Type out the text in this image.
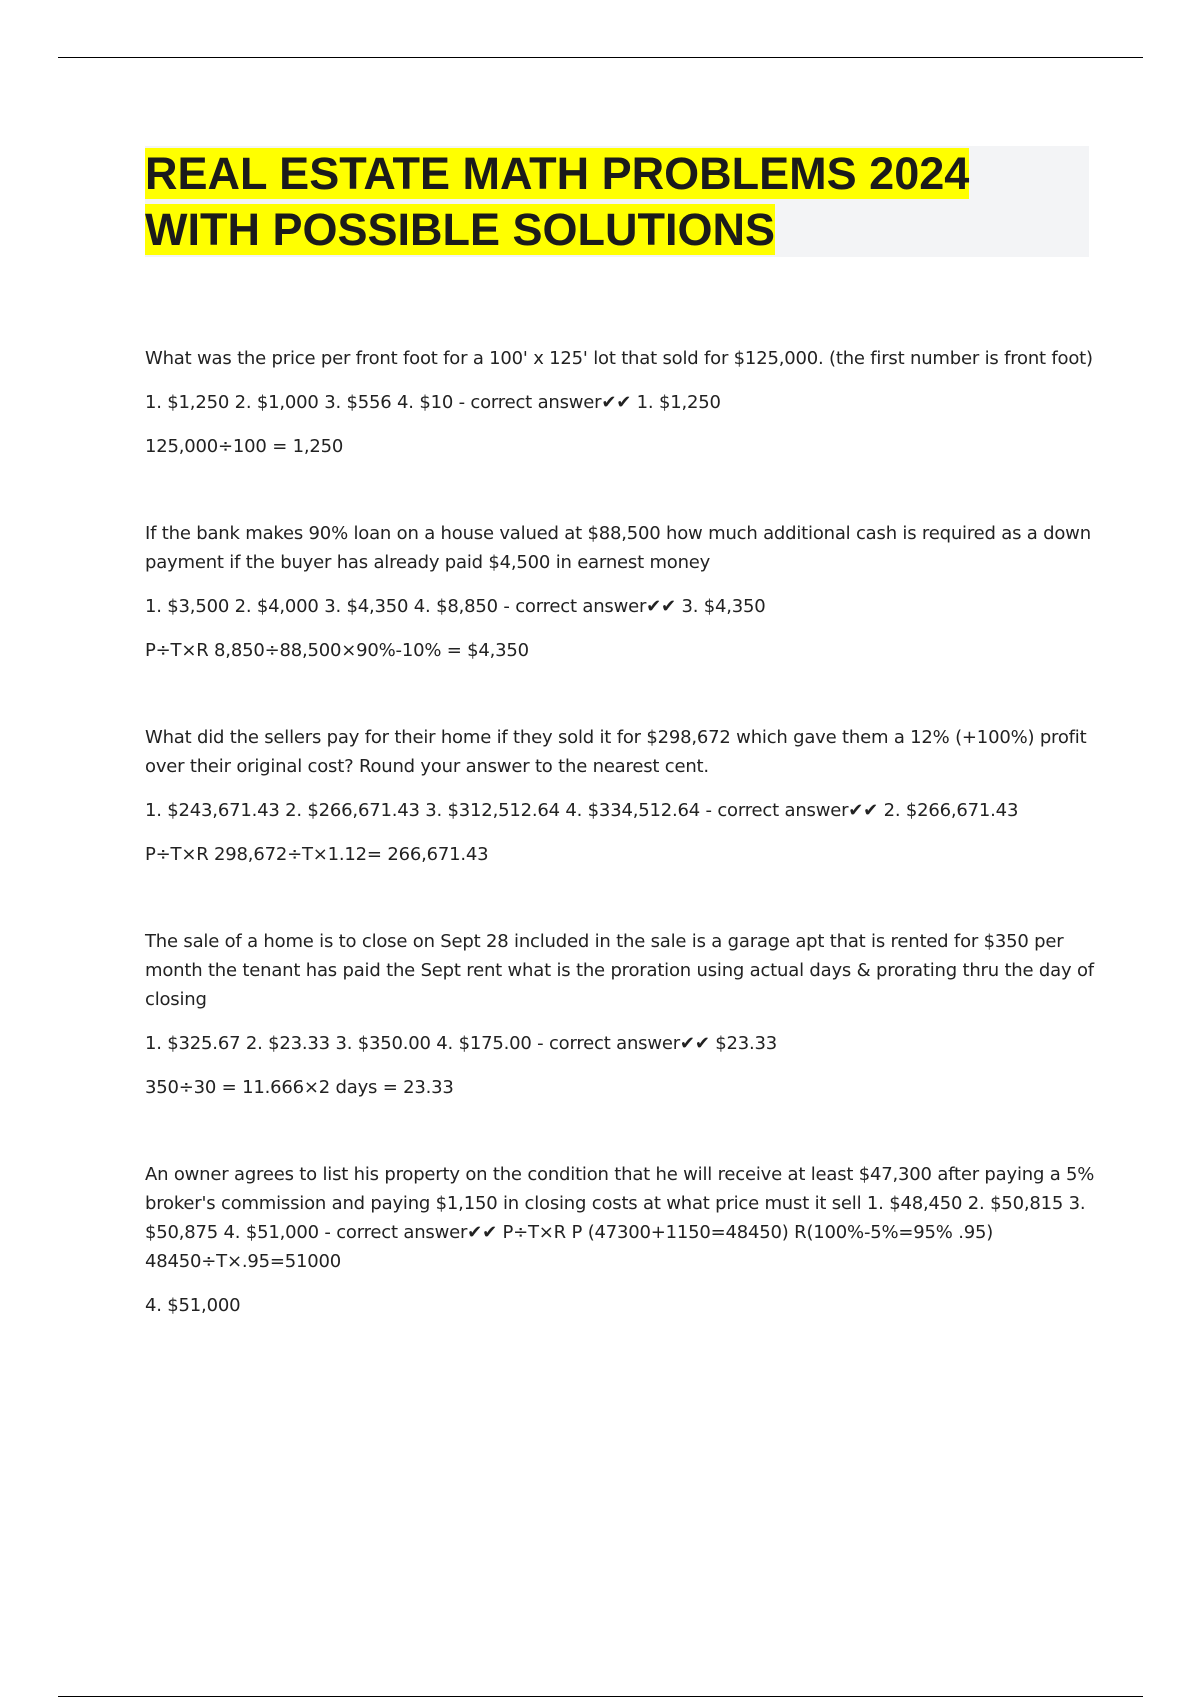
REAL ESTATE MATH PROBLEMS 2024
WITH POSSIBLE SOLUTIONS

What was the price per front foot for a 100' x 125' lot that sold for $125,000. (the first number is front foot)

1. $1,250 2. $1,000 3. $556 4. $10 - correct answer✔✔ 1. $1,250

125,000÷100 = 1,250

If the bank makes 90% loan on a house valued at $88,500 how much additional cash is required as a down payment if the buyer has already paid $4,500 in earnest money

1. $3,500 2. $4,000 3. $4,350 4. $8,850 - correct answer✔✔ 3. $4,350

P÷T×R 8,850÷88,500×90%-10% = $4,350

What did the sellers pay for their home if they sold it for $298,672 which gave them a 12% (+100%) profit over their original cost? Round your answer to the nearest cent.

1. $243,671.43 2. $266,671.43 3. $312,512.64 4. $334,512.64 - correct answer✔✔ 2. $266,671.43

P÷T×R 298,672÷T×1.12= 266,671.43

The sale of a home is to close on Sept 28 included in the sale is a garage apt that is rented for $350 per month the tenant has paid the Sept rent what is the proration using actual days & prorating thru the day of closing

1. $325.67 2. $23.33 3. $350.00 4. $175.00 - correct answer✔✔ $23.33

350÷30 = 11.666×2 days = 23.33

An owner agrees to list his property on the condition that he will receive at least $47,300 after paying a 5% broker's commission and paying $1,150 in closing costs at what price must it sell 1. $48,450 2. $50,815 3. $50,875 4. $51,000 - correct answer✔✔ P÷T×R P (47300+1150=48450) R(100%-5%=95% .95) 48450÷T×.95=51000

4. $51,000
